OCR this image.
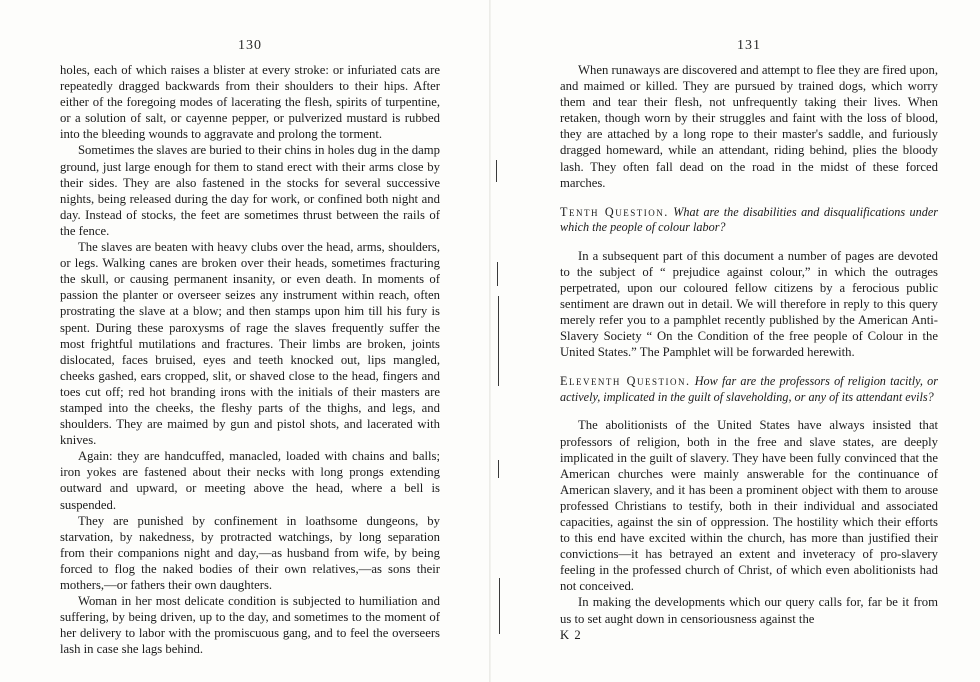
130

holes, each of which raises a blister at every stroke: or infuriated cats are repeatedly dragged backwards from their shoulders to their hips. After either of the foregoing modes of lacerating the flesh, spirits of turpentine, or a solution of salt, or cayenne pepper, or pulverized mustard is rubbed into the bleeding wounds to aggravate and prolong the torment.

Sometimes the slaves are buried to their chins in holes dug in the damp ground, just large enough for them to stand erect with their arms close by their sides. They are also fastened in the stocks for several successive nights, being released during the day for work, or confined both night and day. Instead of stocks, the feet are sometimes thrust between the rails of the fence.

The slaves are beaten with heavy clubs over the head, arms, shoulders, or legs. Walking canes are broken over their heads, sometimes fracturing the skull, or causing permanent insanity, or even death. In moments of passion the planter or overseer seizes any instrument within reach, often prostrating the slave at a blow; and then stamps upon him till his fury is spent. During these paroxysms of rage the slaves frequently suffer the most frightful mutilations and fractures. Their limbs are broken, joints dislocated, faces bruised, eyes and teeth knocked out, lips mangled, cheeks gashed, ears cropped, slit, or shaved close to the head, fingers and toes cut off; red hot branding irons with the initials of their masters are stamped into the cheeks, the fleshy parts of the thighs, and legs, and shoulders. They are maimed by gun and pistol shots, and lacerated with knives.

Again: they are handcuffed, manacled, loaded with chains and balls; iron yokes are fastened about their necks with long prongs extending outward and upward, or meeting above the head, where a bell is suspended.

They are punished by confinement in loathsome dungeons, by starvation, by nakedness, by protracted watchings, by long separation from their companions night and day,—as husband from wife, by being forced to flog the naked bodies of their own relatives,—as sons their mothers,—or fathers their own daughters.

Woman in her most delicate condition is subjected to humiliation and suffering, by being driven, up to the day, and sometimes to the moment of her delivery to labor with the promiscuous gang, and to feel the overseers lash in case she lags behind.

131

When runaways are discovered and attempt to flee they are fired upon, and maimed or killed. They are pursued by trained dogs, which worry them and tear their flesh, not unfrequently taking their lives. When retaken, though worn by their struggles and faint with the loss of blood, they are attached by a long rope to their master's saddle, and furiously dragged homeward, while an attendant, riding behind, plies the bloody lash. They often fall dead on the road in the midst of these forced marches.

Tenth Question. What are the disabilities and disqualifications under which the people of colour labor?

In a subsequent part of this document a number of pages are devoted to the subject of “ prejudice against colour,” in which the outrages perpetrated, upon our coloured fellow citizens by a ferocious public sentiment are drawn out in detail. We will therefore in reply to this query merely refer you to a pamphlet recently published by the American Anti-Slavery Society “ On the Condition of the free people of Colour in the United States.” The Pamphlet will be forwarded herewith.

Eleventh Question. How far are the professors of religion tacitly, or actively, implicated in the guilt of slaveholding, or any of its attendant evils?

The abolitionists of the United States have always insisted that professors of religion, both in the free and slave states, are deeply implicated in the guilt of slavery. They have been fully convinced that the American churches were mainly answerable for the continuance of American slavery, and it has been a prominent object with them to arouse professed Christians to testify, both in their individual and associated capacities, against the sin of oppression. The hostility which their efforts to this end have excited within the church, has more than justified their convictions—it has betrayed an extent and inveteracy of pro-slavery feeling in the professed church of Christ, of which even abolitionists had not conceived.

In making the developments which our query calls for, far be it from us to set aught down in censoriousness against the

K 2
